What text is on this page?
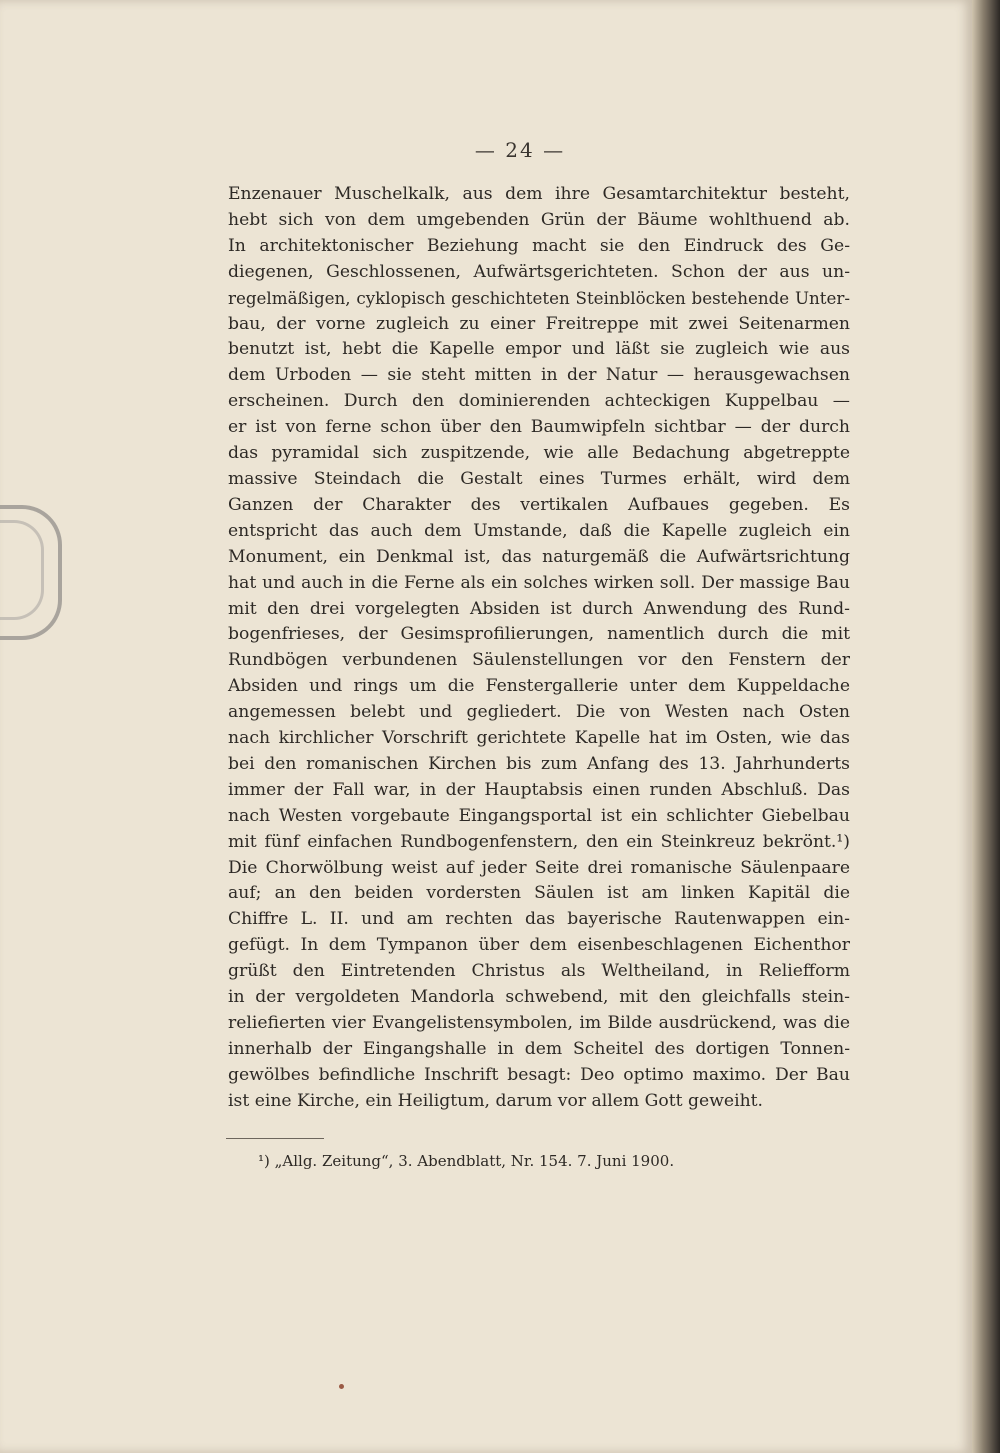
— 24 —
Enzenauer Muschelkalk, aus dem ihre Gesamtarchitektur besteht,
hebt sich von dem umgebenden Grün der Bäume wohlthuend ab.
In architektonischer Beziehung macht sie den Eindruck des Ge-
diegenen, Geschlossenen, Aufwärtsgerichteten. Schon der aus un-
regelmäßigen, cyklopisch geschichteten Steinblöcken bestehende Unter-
bau, der vorne zugleich zu einer Freitreppe mit zwei Seitenarmen
benutzt ist, hebt die Kapelle empor und läßt sie zugleich wie aus
dem Urboden — sie steht mitten in der Natur — herausgewachsen
erscheinen. Durch den dominierenden achteckigen Kuppelbau —
er ist von ferne schon über den Baumwipfeln sichtbar — der durch
das pyramidal sich zuspitzende, wie alle Bedachung abgetreppte
massive Steindach die Gestalt eines Turmes erhält, wird dem
Ganzen der Charakter des vertikalen Aufbaues gegeben. Es
entspricht das auch dem Umstande, daß die Kapelle zugleich ein
Monument, ein Denkmal ist, das naturgemäß die Aufwärtsrichtung
hat und auch in die Ferne als ein solches wirken soll. Der massige Bau
mit den drei vorgelegten Absiden ist durch Anwendung des Rund-
bogenfrieses, der Gesimsprofilierungen, namentlich durch die mit
Rundbögen verbundenen Säulenstellungen vor den Fenstern der
Absiden und rings um die Fenstergallerie unter dem Kuppeldache
angemessen belebt und gegliedert. Die von Westen nach Osten
nach kirchlicher Vorschrift gerichtete Kapelle hat im Osten, wie das
bei den romanischen Kirchen bis zum Anfang des 13. Jahrhunderts
immer der Fall war, in der Hauptabsis einen runden Abschluß. Das
nach Westen vorgebaute Eingangsportal ist ein schlichter Giebelbau
mit fünf einfachen Rundbogenfenstern, den ein Steinkreuz bekrönt.¹)
Die Chorwölbung weist auf jeder Seite drei romanische Säulenpaare
auf; an den beiden vordersten Säulen ist am linken Kapitäl die
Chiffre L. II. und am rechten das bayerische Rautenwappen ein-
gefügt. In dem Tympanon über dem eisenbeschlagenen Eichenthor
grüßt den Eintretenden Christus als Weltheiland, in Reliefform
in der vergoldeten Mandorla schwebend, mit den gleichfalls stein-
reliefierten vier Evangelistensymbolen, im Bilde ausdrückend, was die
innerhalb der Eingangshalle in dem Scheitel des dortigen Tonnen-
gewölbes befindliche Inschrift besagt: Deo optimo maximo. Der Bau
ist eine Kirche, ein Heiligtum, darum vor allem Gott geweiht.
¹) „Allg. Zeitung“, 3. Abendblatt, Nr. 154. 7. Juni 1900.
